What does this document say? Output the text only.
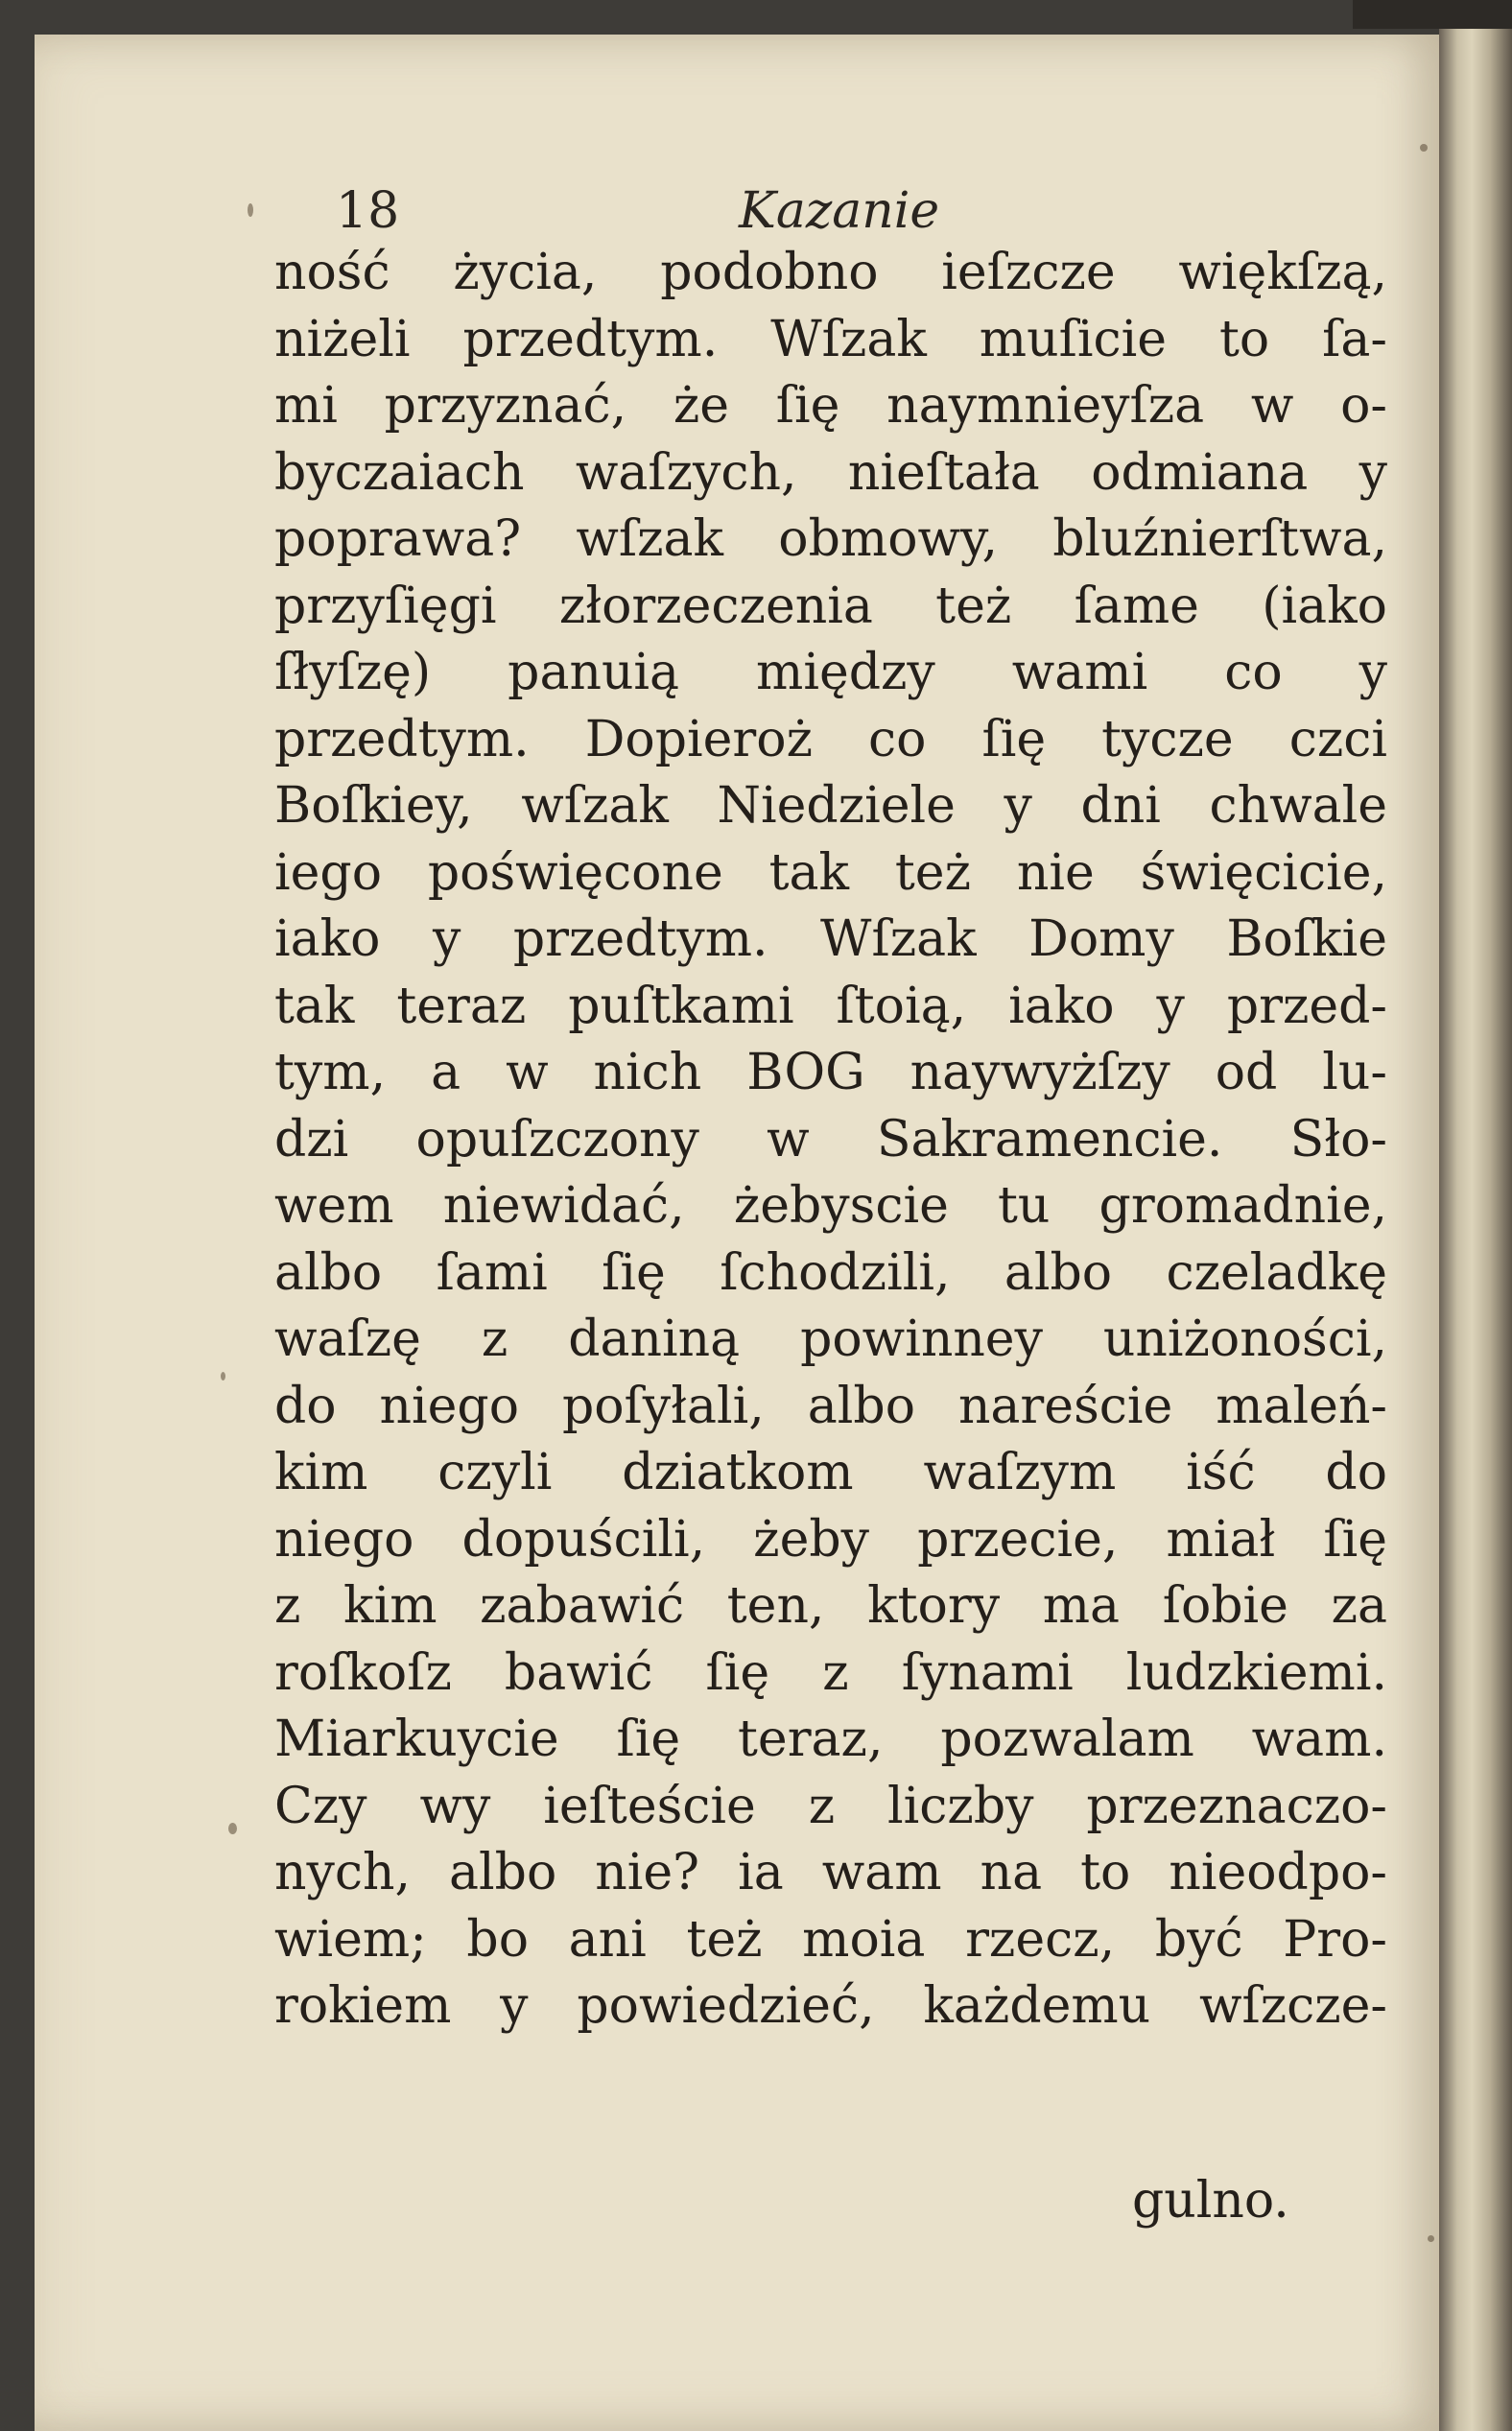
18	Kazanie
ność życia, podobno ieſzcze więkſzą,
niżeli przedtym. Wſzak muſicie to ſa-
mi przyznać, że ſię naymnieyſza w o-
byczaiach waſzych, nieſtała odmiana y
poprawa? wſzak obmowy, bluźnierſtwa,
przyſięgi złorzeczenia też ſame (iako
ſłyſzę) panuią między wami co y
przedtym. Dopieroż co ſię tycze czci
Boſkiey, wſzak Niedziele y dni chwale
iego poświęcone tak też nie święcicie,
iako y przedtym. Wſzak Domy Boſkie
tak teraz puſtkami ſtoią, iako y przed-
tym, a w nich BOG naywyżſzy od lu-
dzi opuſzczony w Sakramencie. Sło-
wem niewidać, żebyscie tu gromadnie,
albo ſami ſię ſchodzili, albo czeladkę
waſzę z daniną powinney uniżoności,
do niego poſyłali, albo nareście maleń-
kim czyli dziatkom waſzym iść do
niego dopuścili, żeby przecie, miał ſię
z kim zabawić ten, ktory ma ſobie za
roſkoſz bawić ſię z ſynami ludzkiemi.
Miarkuycie ſię teraz, pozwalam wam.
Czy wy ieſteście z liczby przeznaczo-
nych, albo nie? ia wam na to nieodpo-
wiem; bo ani też moia rzecz, być Pro-
rokiem y powiedzieć, każdemu wſzcze-
gulno.
